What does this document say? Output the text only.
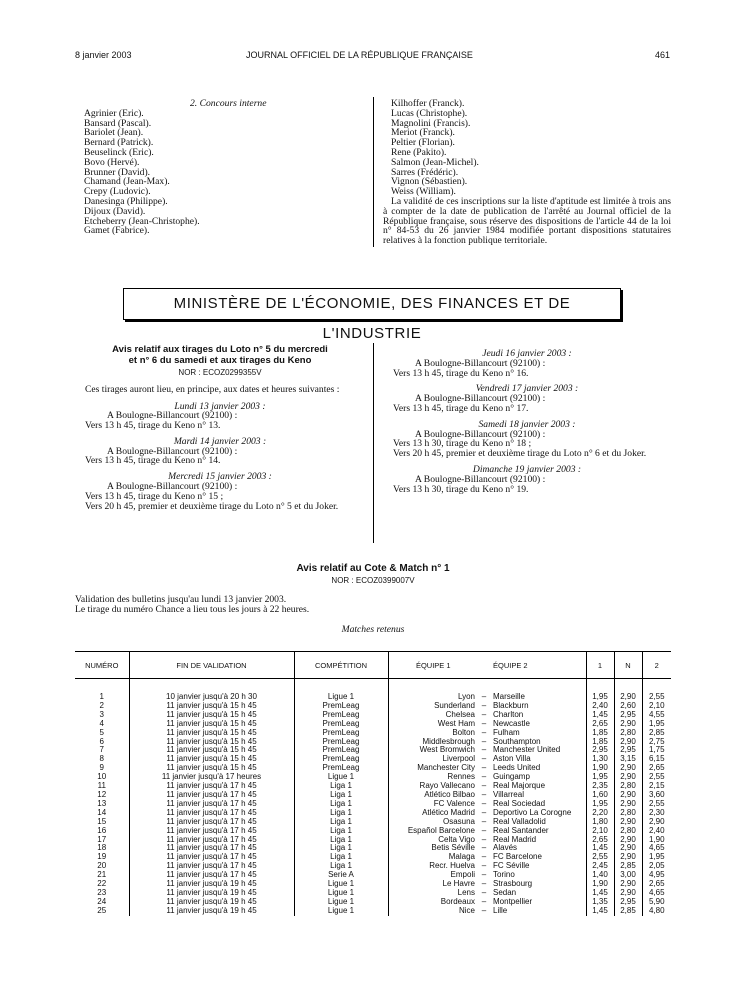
8 janvier 2003	JOURNAL OFFICIEL DE LA RÉPUBLIQUE FRANÇAISE	461
2. Concours interne
Agrinier (Eric).
Bansard (Pascal).
Bariolet (Jean).
Bernard (Patrick).
Beuselinck (Eric).
Bovo (Hervé).
Brunner (David).
Chamand (Jean-Max).
Crepy (Ludovic).
Danesinga (Philippe).
Dijoux (David).
Etcheberry (Jean-Christophe).
Gamet (Fabrice).
Kilhoffer (Franck).
Lucas (Christophe).
Magnolini (Francis).
Meriot (Franck).
Peltier (Florian).
Rene (Pakito).
Salmon (Jean-Michel).
Sarres (Frédéric).
Vignon (Sébastien).
Weiss (William).
La validité de ces inscriptions sur la liste d'aptitude est limitée à trois ans à compter de la date de publication de l'arrêté au Journal officiel de la République française, sous réserve des dispositions de l'article 44 de la loi n° 84-53 du 26 janvier 1984 modifiée portant dispositions statutaires relatives à la fonction publique territoriale.
MINISTÈRE DE L'ÉCONOMIE, DES FINANCES ET DE L'INDUSTRIE
Avis relatif aux tirages du Loto n° 5 du mercredi
et n° 6 du samedi et aux tirages du Keno
NOR : ECOZ0299355V
Ces tirages auront lieu, en principe, aux dates et heures suivantes :
Lundi 13 janvier 2003 :
A Boulogne-Billancourt (92100) :
Vers 13 h 45, tirage du Keno n° 13.
Mardi 14 janvier 2003 :
A Boulogne-Billancourt (92100) :
Vers 13 h 45, tirage du Keno n° 14.
Mercredi 15 janvier 2003 :
A Boulogne-Billancourt (92100) :
Vers 13 h 45, tirage du Keno n° 15 ;
Vers 20 h 45, premier et deuxième tirage du Loto n° 5 et du Joker.
Jeudi 16 janvier 2003 :
A Boulogne-Billancourt (92100) :
Vers 13 h 45, tirage du Keno n° 16.
Vendredi 17 janvier 2003 :
A Boulogne-Billancourt (92100) :
Vers 13 h 45, tirage du Keno n° 17.
Samedi 18 janvier 2003 :
A Boulogne-Billancourt (92100) :
Vers 13 h 30, tirage du Keno n° 18 ;
Vers 20 h 45, premier et deuxième tirage du Loto n° 6 et du Joker.
Dimanche 19 janvier 2003 :
A Boulogne-Billancourt (92100) :
Vers 13 h 30, tirage du Keno n° 19.
Avis relatif au Cote & Match n° 1
NOR : ECOZ0399007V
Validation des bulletins jusqu'au lundi 13 janvier 2003.
Le tirage du numéro Chance a lieu tous les jours à 22 heures.
Matches retenus
NUMÉRO	FIN DE VALIDATION	COMPÉTITION	ÉQUIPE 1		ÉQUIPE 2	1	N	2

1	10 janvier jusqu'à 20 h 30	Ligue 1	Lyon	–	Marseille	1,95	2,90	2,55
2	11 janvier jusqu'à 15 h 45	PremLeag	Sunderland	–	Blackburn	2,40	2,60	2,10
3	11 janvier jusqu'à 15 h 45	PremLeag	Chelsea	–	Charlton	1,45	2,95	4,55
4	11 janvier jusqu'à 15 h 45	PremLeag	West Ham	–	Newcastle	2,65	2,90	1,95
5	11 janvier jusqu'à 15 h 45	PremLeag	Bolton	–	Fulham	1,85	2,80	2,85
6	11 janvier jusqu'à 15 h 45	PremLeag	Middlesbrough	–	Southampton	1,85	2,90	2,75
7	11 janvier jusqu'à 15 h 45	PremLeag	West Bromwich	–	Manchester United	2,95	2,95	1,75
8	11 janvier jusqu'à 15 h 45	PremLeag	Liverpool	–	Aston Villa	1,30	3,15	6,15
9	11 janvier jusqu'à 15 h 45	PremLeag	Manchester City	–	Leeds United	1,90	2,90	2,65
10	11 janvier jusqu'à 17 heures	Ligue 1	Rennes	–	Guingamp	1,95	2,90	2,55
11	11 janvier jusqu'à 17 h 45	Liga 1	Rayo Vallecano	–	Real Majorque	2,35	2,80	2,15
12	11 janvier jusqu'à 17 h 45	Liga 1	Atlético Bilbao	–	Villarreal	1,60	2,90	3,60
13	11 janvier jusqu'à 17 h 45	Liga 1	FC Valence	–	Real Sociedad	1,95	2,90	2,55
14	11 janvier jusqu'à 17 h 45	Liga 1	Atlético Madrid	–	Deportivo La Corogne	2,20	2,80	2,30
15	11 janvier jusqu'à 17 h 45	Liga 1	Osasuna	–	Real Valladolid	1,80	2,90	2,90
16	11 janvier jusqu'à 17 h 45	Liga 1	Español Barcelone	–	Real Santander	2,10	2,80	2,40
17	11 janvier jusqu'à 17 h 45	Liga 1	Celta Vigo	–	Real Madrid	2,65	2,90	1,90
18	11 janvier jusqu'à 17 h 45	Liga 1	Betis Séville	–	Alavés	1,45	2,90	4,65
19	11 janvier jusqu'à 17 h 45	Liga 1	Malaga	–	FC Barcelone	2,55	2,90	1,95
20	11 janvier jusqu'à 17 h 45	Liga 1	Recr. Huelva	–	FC Séville	2,45	2,85	2,05
21	11 janvier jusqu'à 17 h 45	Serie A	Empoli	–	Torino	1,40	3,00	4,95
22	11 janvier jusqu'à 19 h 45	Ligue 1	Le Havre	–	Strasbourg	1,90	2,90	2,65
23	11 janvier jusqu'à 19 h 45	Ligue 1	Lens	–	Sedan	1,45	2,90	4,65
24	11 janvier jusqu'à 19 h 45	Ligue 1	Bordeaux	–	Montpellier	1,35	2,95	5,90
25	11 janvier jusqu'à 19 h 45	Ligue 1	Nice	–	Lille	1,45	2,85	4,80
